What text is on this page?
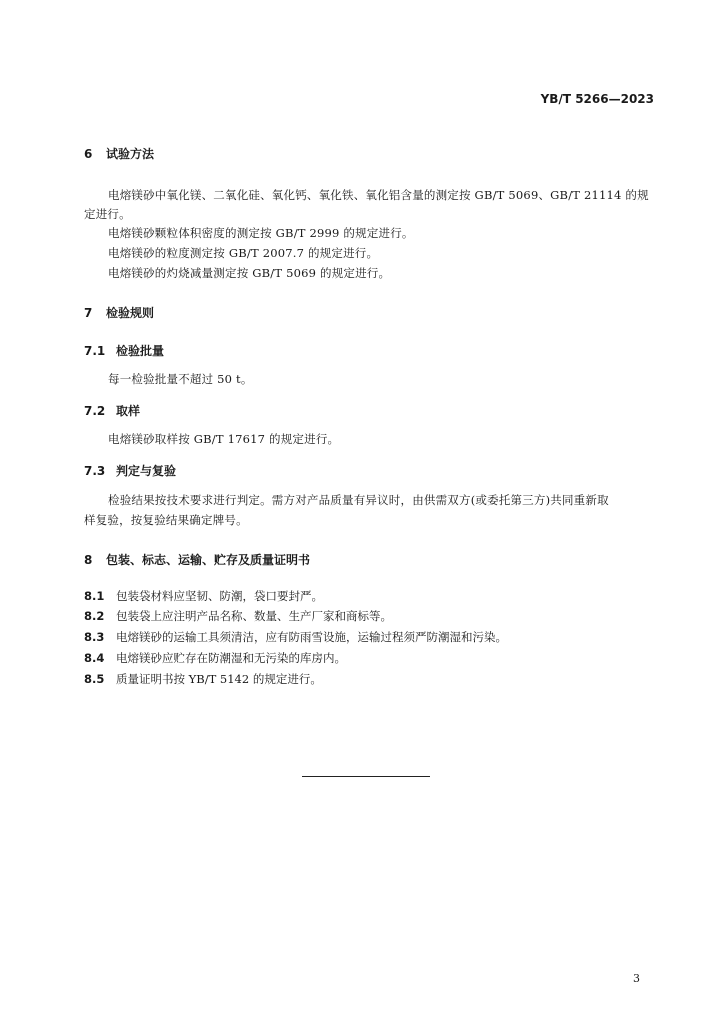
YB/T 5266—2023
6 试验方法
电熔镁砂中氧化镁、二氧化硅、氧化钙、氧化铁、氧化铝含量的测定按 GB/T 5069、GB/T 21114 的规
定进行。
电熔镁砂颗粒体积密度的测定按 GB/T 2999 的规定进行。
电熔镁砂的粒度测定按 GB/T 2007.7 的规定进行。
电熔镁砂的灼烧减量测定按 GB/T 5069 的规定进行。
7 检验规则
7.1 检验批量
每一检验批量不超过 50 t。
7.2 取样
电熔镁砂取样按 GB/T 17617 的规定进行。
7.3 判定与复验
检验结果按技术要求进行判定。需方对产品质量有异议时，由供需双方(或委托第三方)共同重新取
样复验，按复验结果确定牌号。
8 包装、标志、运输、贮存及质量证明书
8.1 包装袋材料应坚韧、防潮，袋口要封严。
8.2 包装袋上应注明产品名称、数量、生产厂家和商标等。
8.3 电熔镁砂的运输工具须清洁，应有防雨雪设施，运输过程须严防潮湿和污染。
8.4 电熔镁砂应贮存在防潮湿和无污染的库房内。
8.5 质量证明书按 YB/T 5142 的规定进行。
3
